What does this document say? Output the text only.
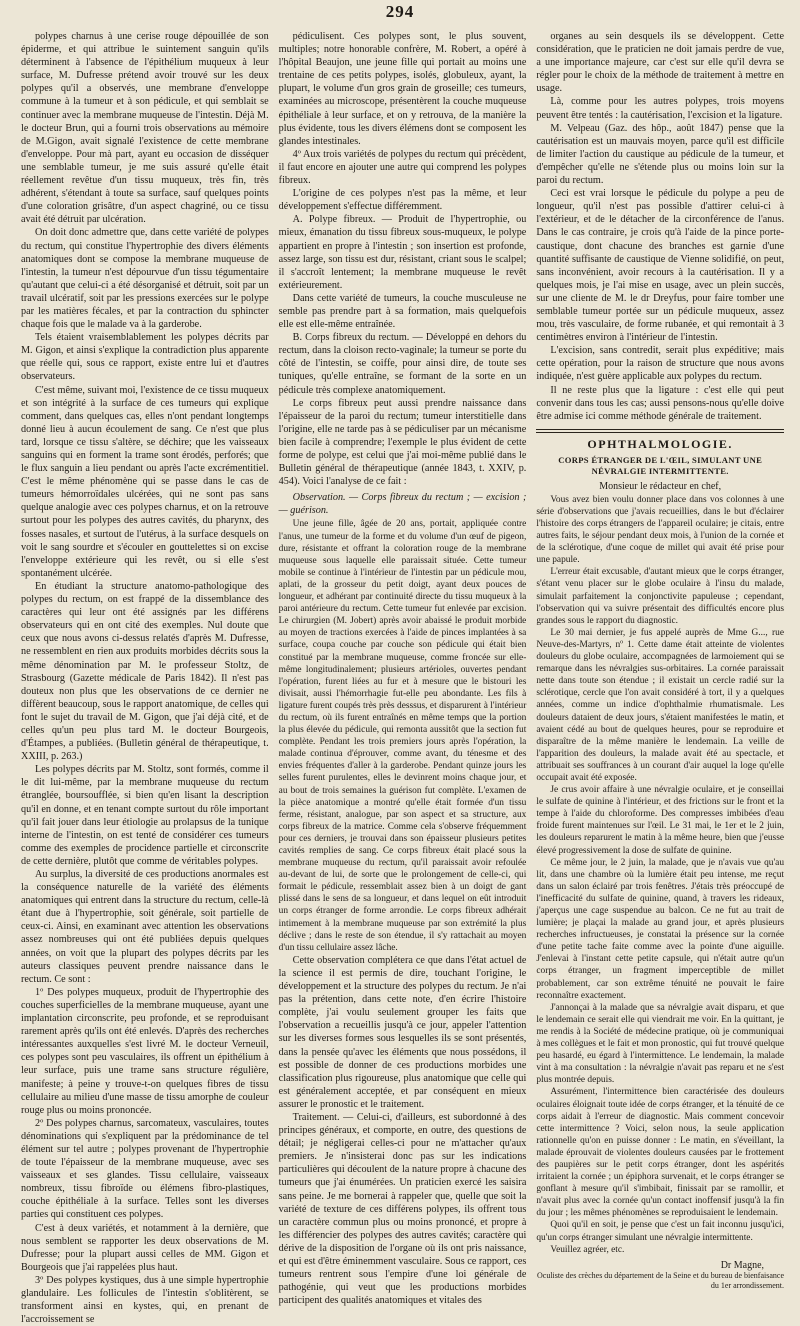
294

polypes charnus à une cerise rouge dépouillée de son épiderme, et qui attribue le suintement sanguin qu'ils déterminent à l'absence de l'épithélium muqueux à leur surface, M. Dufresse prétend avoir trouvé sur les deux polypes qu'il a observés, une membrane d'enveloppe commune à la tumeur et à son pédicule, et qui semblait se continuer avec la membrane muqueuse de l'intestin. Déjà M. le docteur Brun, qui a fourni trois observations au mémoire de M.Gigon, avait signalé l'existence de cette membrane d'enveloppe. Pour mà part, ayant eu occasion de disséquer une semblable tumeur, je me suis assuré qu'elle était réellement revêtue d'un tissu muqueux, très fin, très adhérent, s'étendant à toute sa surface, sauf quelques points d'une coloration grisâtre, d'un aspect chagriné, ou ce tissu avait été détruit par ulcération.

On doit donc admettre que, dans cette variété de polypes du rectum, qui constitue l'hypertrophie des divers éléments anatomiques dont se compose la membrane muqueuse de l'intestin, la tumeur n'est dépourvue d'un tissu tégumentaire qu'autant que celui-ci a été désorganisé et détruit, soit par un travail ulcératif, soit par les pressions exercées sur le polype par les matières fécales, et par la contraction du sphincter chaque fois que le malade va à la garderobe.

Tels étaient vraisemblablement les polypes décrits par M. Gigon, et ainsi s'explique la contradiction plus apparente que réelle qui, sous ce rapport, existe entre lui et d'autres observateurs.

C'est même, suivant moi, l'existence de ce tissu muqueux et son intégrité à la surface de ces tumeurs qui explique comment, dans quelques cas, elles n'ont pendant longtemps donné lieu à aucun écoulement de sang. Ce n'est que plus tard, lorsque ce tissu s'altère, se déchire; que les vaisseaux sanguins qui en forment la trame sont érodés, perforés; que le flux sanguin a lieu pendant ou après l'acte excrémentitiel. C'est le même phénomène qui se passe dans le cas de tumeurs hémorroïdales ulcérées, qui ne sont pas sans quelque analogie avec ces polypes charnus, et on la retrouve surtout pour les polypes des autres cavités, du pharynx, des fosses nasales, et surtout de l'utérus, à la surface desquels on voit le sang sourdre et s'écouler en gouttelettes si on excise l'enveloppe extérieure qui les revêt, ou si elle s'est spontanément ulcérée.

En étudiant la structure anatomo-pathologique des polypes du rectum, on est frappé de la dissemblance des caractères qui leur ont été assignés par les différens observateurs qui en ont cité des exemples. Nul doute que ceux que nous avons ci-dessus relatés d'après M. Dufresse, ne ressemblent en rien aux produits morbides décrits sous la même dénomination par M. le professeur Stoltz, de Strasbourg (Gazette médicale de Paris 1842). Il n'est pas douteux non plus que les observations de ce dernier ne diffèrent beaucoup, sous le rapport anatomique, de celles qui font le sujet du travail de M. Gigon, que j'ai déjà cité, et de celles qu'un peu plus tard M. le docteur Bourgeois, d'Étampes, a publiées. (Bulletin général de thérapeutique, t. XXIII, p. 263.)

Les polypes décrits par M. Stoltz, sont formés, comme il le dit lui-même, par la membrane muqueuse du rectum étranglée, boursoufflée, si bien qu'en lisant la description qu'il en donne, et en tenant compte surtout du rôle important qu'il fait jouer dans leur étiologie au prolapsus de la tunique interne de l'intestin, on est tenté de considérer ces tumeurs comme des exemples de procidence partielle et circonscrite de cette dernière, plutôt que comme de véritables polypes.

Au surplus, la diversité de ces productions anormales est la conséquence naturelle de la variété des éléments anatomiques qui entrent dans la structure du rectum, celle-là étant due à l'hypertrophie, soit générale, soit partielle de ceux-ci. Ainsi, en examinant avec attention les observations assez nombreuses qui ont été publiées depuis quelques années, on voit que la plupart des polypes décrits par les auteurs classiques peuvent prendre naissance dans le rectum. Ce sont :

1º Des polypes muqueux, produit de l'hypertrophie des couches superficielles de la membrane muqueuse, ayant une implantation circonscrite, peu profonde, et se reproduisant rarement après qu'ils ont été enlevés. D'après des recherches intéressantes auxquelles s'est livré M. le docteur Verneuil, ces polypes sont peu vasculaires, ils offrent un épithélium à leur surface, puis une trame sans structure régulière, manifeste; à peine y trouve-t-on quelques fibres de tissu cellulaire au milieu d'une masse de tissu amorphe de couleur rouge plus ou moins prononcée.

2º Des polypes charnus, sarcomateux, vasculaires, toutes dénominations qui s'expliquent par la prédominance de tel élément sur tel autre ; polypes provenant de l'hypertrophie de toute l'épaisseur de la membrane muqueuse, avec ses vaisseaux et ses glandes. Tissu cellulaire, vaisseaux nombreux, tissu fibroïde ou élémens fibro-plastiques, couche épithéliale à la surface. Telles sont les diverses parties qui constituent ces polypes.

C'est à deux variétés, et notamment à la dernière, que nous semblent se rapporter les deux observations de M. Dufresse; pour la plupart aussi celles de MM. Gigon et Bourgeois que j'ai rappelées plus haut.

3º Des polypes kystiques, dus à une simple hypertrophie glandulaire. Les follicules de l'intestin s'oblitèrent, se transforment ainsi en kystes, qui, en prenant de l'accroissement se

pédiculisent. Ces polypes sont, le plus souvent, multiples; notre honorable confrère, M. Robert, a opéré à l'hôpital Beaujon, une jeune fille qui portait au moins une trentaine de ces petits polypes, isolés, globuleux, ayant, la plupart, le volume d'un gros grain de groseille; ces tumeurs, examinées au microscope, présentèrent la couche muqueuse épithéliale à leur surface, et on y retrouva, de la manière la plus évidente, tous les divers élémens dont se composent les glandes intestinales.

4º Aux trois variétés de polypes du rectum qui précèdent, il faut encore en ajouter une autre qui comprend les polypes fibreux.

L'origine de ces polypes n'est pas la même, et leur développement s'effectue différemment.

A. Polype fibreux. — Produit de l'hypertrophie, ou mieux, émanation du tissu fibreux sous-muqueux, le polype appartient en propre à l'intestin ; son insertion est profonde, assez large, son tissu est dur, résistant, criant sous le scalpel; il s'accroît lentement; la membrane muqueuse le revêt extérieurement.

Dans cette variété de tumeurs, la couche musculeuse ne semble pas prendre part à sa formation, mais quelquefois elle est elle-même entraînée.

B. Corps fibreux du rectum. — Développé en dehors du rectum, dans la cloison recto-vaginale; la tumeur se porte du côté de l'intestin, se coiffe, pour ainsi dire, de toute ses tuniques, qu'elle entraîne, se formant de la sorte en un pédicule très complexe anatomiquement.

Le corps fibreux peut aussi prendre naissance dans l'épaisseur de la paroi du rectum; tumeur interstitielle dans l'origine, elle ne tarde pas à se pédiculiser par un mécanisme bien facile à comprendre; l'exemple le plus évident de cette forme de polype, est celui que j'ai moi-même publié dans le Bulletin général de thérapeutique (année 1843, t. XXIV, p. 454). Voici l'analyse de ce fait :

Observation. — Corps fibreux du rectum ; — excision ; — guérison.

Une jeune fille, âgée de 20 ans, portait, appliquée contre l'anus, une tumeur de la forme et du volume d'un œuf de pigeon, dure, résistante et offrant la coloration rouge de la membrane muqueuse sous laquelle elle paraissait située. Cette tumeur mobile se continue à l'intérieur de l'intestin par un pédicule mou, aplati, de la grosseur du petit doigt, ayant deux pouces de longueur, et adhérant par continuité directe du tissu muqueux à la paroi antérieure du rectum. Cette tumeur fut enlevée par excision. Le chirurgien (M. Jobert) après avoir abaissé le produit morbide au moyen de tractions exercées à l'aide de pinces implantées à sa surface, coupa couche par couche son pédicule qui était bien constitué par la membrane muqueuse, comme froncée sur elle-même longitudinalement; plusieurs artérioles, ouvertes pendant l'opération, furent liées au fur et à mesure que le bistouri les divisait, aussi l'hémorrhagie fut-elle peu abondante. Les fils à ligature furent coupés très près desssus, et disparurent à l'intérieur du rectum, où ils furent entraînés en même temps que la portion la plus élevée du pédicule, qui remonta aussitôt que la section fut complète. Pendant les trois premiers jours après l'opération, la malade continua d'éprouver, comme avant, du ténesme et des envies fréquentes d'aller à la garderobe. Pendant quinze jours les selles furent purulentes, elles le devinrent moins chaque jour, et au bout de trois semaines la guérison fut complète. L'examen de la pièce anatomique a montré qu'elle était formée d'un tissu ferme, résistant, analogue, par son aspect et sa structure, aux corps fibreux de la matrice. Comme cela s'observe fréquemment pour ces derniers, je trouvai dans son épaisseur plusieurs petites cavités remplies de sang. Ce corps fibreux était placé sous la membrane muqueuse du rectum, qu'il paraissait avoir refoulée au-devant de lui, de sorte que le prolongement de celle-ci, qui formait le pédicule, ressemblait assez bien à un doigt de gant plissé dans le sens de sa longueur, et dans lequel on eût introduit un corps étranger de forme arrondie. Le corps fibreux adhérait intimement à la membrane muqueuse par son extrémité la plus déclive ; dans le reste de son étendue, il s'y rattachait au moyen d'un tissu cellulaire assez lâche.

Cette observation complétera ce que dans l'état actuel de la science il est permis de dire, touchant l'origine, le développement et la structure des polypes du rectum. Je n'ai pas la prétention, dans cette note, d'en écrire l'histoire complète, j'ai voulu seulement grouper les faits que l'observation a recueillis jusqu'à ce jour, appeler l'attention sur les diverses formes sous lesquelles ils se sont présentés, dans la pensée qu'avec les éléments que nous possédons, il est possible de donner de ces productions morbides une classification plus rigoureuse, plus anatomique que celle qui est généralement acceptée, et par conséquent en mieux assurer le pronostic et le traitement.

Traitement. — Celui-ci, d'ailleurs, est subordonné à des principes généraux, et comporte, en outre, des questions de détail; je négligerai celles-ci pour ne m'attacher qu'aux premiers. Je n'insisterai donc pas sur les indications particulières qui découlent de la nature propre à chacune des tumeurs que j'ai énumérées. Un praticien exercé les saisira sans peine. Je me bornerai à rappeler que, quelle que soit la variété de texture de ces différens polypes, ils offrent tous un caractère commun plus ou moins prononcé, et propre à les différencier des polypes des autres cavités; caractère qui dérive de la disposition de l'organe où ils ont pris naissance, et qui est d'être éminemment vasculaire. Sous ce rapport, ces tumeurs rentrent sous l'empire d'une loi générale de pathogénie, qui veut que les productions morbides participent des qualités anatomiques et vitales des

organes au sein desquels ils se développent. Cette considération, que le praticien ne doit jamais perdre de vue, a une importance majeure, car c'est sur elle qu'il devra se régler pour le choix de la méthode de traitement à mettre en usage.

Là, comme pour les autres polypes, trois moyens peuvent être tentés : la cautérisation, l'excision et la ligature.

M. Velpeau (Gaz. des hôp., août 1847) pense que la cautérisation est un mauvais moyen, parce qu'il est difficile de limiter l'action du caustique au pédicule de la tumeur, et d'empêcher qu'elle ne s'étende plus ou moins loin sur la paroi du rectum.

Ceci est vrai lorsque le pédicule du polype a peu de longueur, qu'il n'est pas possible d'attirer celui-ci à l'extérieur, et de le détacher de la circonférence de l'anus. Dans le cas contraire, je crois qu'à l'aide de la pince porte-caustique, dont chacune des branches est garnie d'une quantité suffisante de caustique de Vienne solidifié, on peut, sans inconvénient, avoir recours à la cautérisation. Il y a quelques mois, je l'ai mise en usage, avec un plein succès, sur une cliente de M. le dr Dreyfus, pour faire tomber une semblable tumeur portée sur un pédicule muqueux, assez mou, très vasculaire, de forme rubanée, et qui remontait à 3 centimètres environ à l'intérieur de l'intestin.

L'excision, sans contredit, serait plus expéditive; mais cette opération, pour la raison de structure que nous avons indiquée, n'est guère applicable aux polypes du rectum.

Il ne reste plus que la ligature : c'est elle qui peut convenir dans tous les cas; aussi pensons-nous qu'elle doive être admise ici comme méthode générale de traitement.

OPHTHALMOLOGIE.
CORPS ÉTRANGER DE L'ŒIL, SIMULANT UNE NÉVRALGIE INTERMITTENTE.
Monsieur le rédacteur en chef,

Vous avez bien voulu donner place dans vos colonnes à une série d'observations que j'avais recueillies, dans le but d'éclairer l'histoire des corps étrangers de l'appareil oculaire; je citais, entre autres faits, le séjour pendant deux mois, à l'union de la cornée et de la sclérotique, d'une coque de millet qui avait été prise pour une papule.

L'erreur était excusable, d'autant mieux que le corps étranger, s'étant venu placer sur le globe oculaire à l'insu du malade, simulait parfaitement la conjonctivite papuleuse ; cependant, l'observation qui va suivre présentait des difficultés encore plus grandes sous le rapport du diagnostic.

Le 30 mai dernier, je fus appelé auprès de Mme G..., rue Neuve-des-Martyrs, nº 1. Cette dame était atteinte de violentes douleurs du globe oculaire, accompagnées de larmoiement qui se remarque dans les névralgies sus-orbitaires. La cornée paraissait nette dans toute son étendue ; il existait un cercle radié sur la sclérotique, cercle que l'on avait considéré à tort, il y a quelques années, comme un indice d'ophthalmie rhumatismale. Les douleurs dataient de deux jours, s'étaient manifestées le matin, et avaient cédé au bout de quelques heures, pour se reproduire et disparaître de la même manière le lendemain. La veille de l'apparition des douleurs, la malade avait été au spectacle, et attribuait ses souffrances à un courant d'air auquel la loge qu'elle occupait avait été exposée.

Je crus avoir affaire à une névralgie oculaire, et je conseillai le sulfate de quinine à l'intérieur, et des frictions sur le front et la tempe à l'aide du chloroforme. Des compresses imbibées d'eau froide furent maintenues sur l'œil. Le 31 mai, le 1er et le 2 juin, les douleurs reparurent le matin à la même heure, bien que j'eusse élevé progressivement la dose de sulfate de quinine.

Ce même jour, le 2 juin, la malade, que je n'avais vue qu'au lit, dans une chambre où la lumière était peu intense, me reçut dans un salon éclairé par trois fenêtres. J'étais très préoccupé de l'inefficacité du sulfate de quinine, quand, à travers les rideaux, j'aperçus une cage suspendue au balcon. Ce ne fut au trait de lumière; je plaçai la malade au grand jour, et après plusieurs recherches infructueuses, je constatai la présence sur la cornée d'une petite tache faite comme avec la pointe d'une aiguille. J'enlevai à l'instant cette petite capsule, qui n'était autre qu'un corps étranger, un fragment imperceptible de millet probablement, car son extrême ténuité ne pouvait le faire reconnaître exactement.

J'annonçai à la malade que sa névralgie avait disparu, et que le lendemain ce serait elle qui viendrait me voir. En la quittant, je me rendis à la Société de médecine pratique, où je communiquai à mes collègues et le fait et mon pronostic, qui fut trouvé quelque peu hasardé, eu égard à l'intermittence. Le lendemain, la malade vint à ma consultation : la névralgie n'avait pas reparu et ne s'est plus montrée depuis.

Assurément, l'intermittence bien caractérisée des douleurs oculaires éloignait toute idée de corps étranger, et la ténuité de ce corps aidait à l'erreur de diagnostic. Mais comment concevoir cette intermittence ? Voici, selon nous, la seule application rationnelle qu'on en puisse donner : Le matin, en s'éveillant, la malade éprouvait de violentes douleurs causées par le frottement des paupières sur le petit corps étranger, dont les aspérités irritaient la cornée ; un épiphora survenait, et le corps étranger se gonflant à mesure qu'il s'imbibait, finissait par se ramollir, et n'avait plus avec la cornée qu'un contact inoffensif jusqu'à la fin du jour ; les mêmes phénomènes se reproduisaient le lendemain.

Quoi qu'il en soit, je pense que c'est un fait inconnu jusqu'ici, qu'un corps étranger simulant une névralgie intermittente.

Veuillez agréer, etc.

Dr Magne,
Oculiste des crèches du département de la Seine et du bureau de bienfaisance du 1er arrondissement.
